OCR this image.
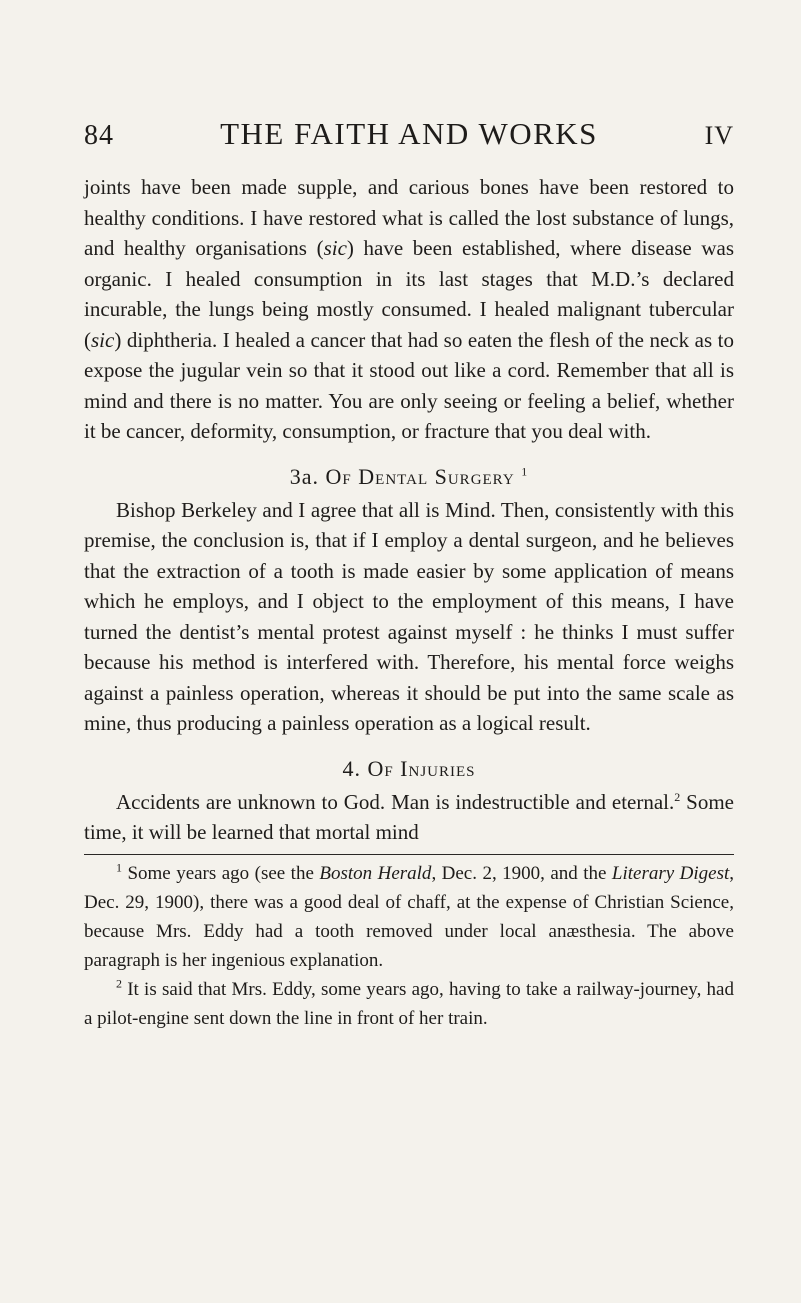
84	THE FAITH AND WORKS	IV

joints have been made supple, and carious bones have been restored to healthy conditions. I have restored what is called the lost substance of lungs, and healthy organisations (sic) have been established, where disease was organic. I healed consumption in its last stages that M.D.’s declared incurable, the lungs being mostly consumed. I healed malignant tubercular (sic) diphtheria. I healed a cancer that had so eaten the flesh of the neck as to expose the jugular vein so that it stood out like a cord. Remember that all is mind and there is no matter. You are only seeing or feeling a belief, whether it be cancer, deformity, consumption, or fracture that you deal with.

3a. Of Dental Surgery $^1$

Bishop Berkeley and I agree that all is Mind. Then, consistently with this premise, the conclusion is, that if I employ a dental surgeon, and he believes that the extraction of a tooth is made easier by some application of means which he employs, and I object to the employment of this means, I have turned the dentist’s mental protest against myself : he thinks I must suffer because his method is interfered with. Therefore, his mental force weighs against a painless operation, whereas it should be put into the same scale as mine, thus producing a painless operation as a logical result.

4. Of Injuries

Accidents are unknown to God. Man is indestructible and eternal.$^2$ Some time, it will be learned that mortal mind

$^1$ Some years ago (see the Boston Herald, Dec. 2, 1900, and the Literary Digest, Dec. 29, 1900), there was a good deal of chaff, at the expense of Christian Science, because Mrs. Eddy had a tooth removed under local anæsthesia. The above paragraph is her ingenious explanation.

$^2$ It is said that Mrs. Eddy, some years ago, having to take a railway-journey, had a pilot-engine sent down the line in front of her train.
